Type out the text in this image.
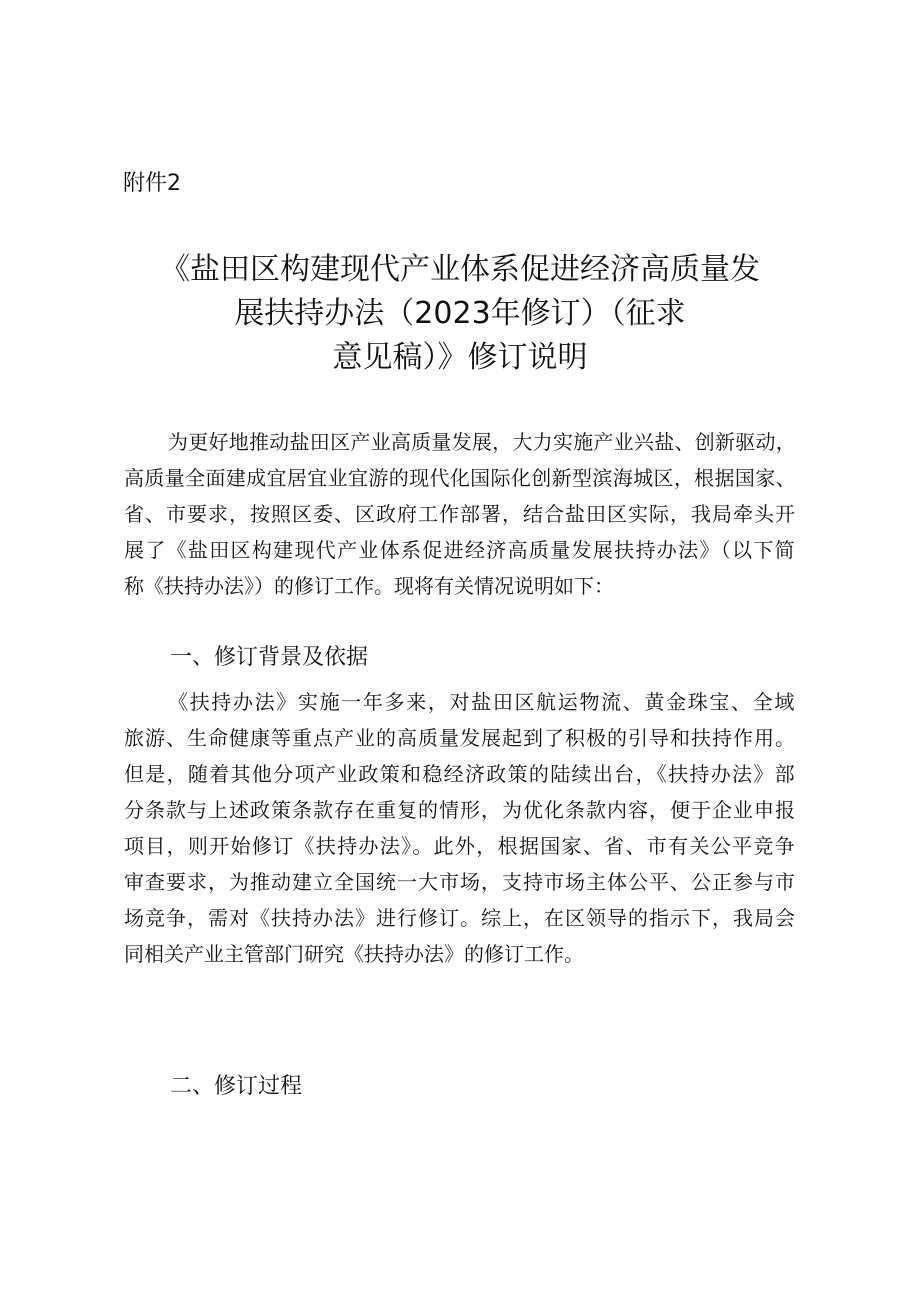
附件2
《盐田区构建现代产业体系促进经济高质量发
展扶持办法（2023年修订）（征求
意见稿）》修订说明
为更好地推动盐田区产业高质量发展，大力实施产业兴盐、创新驱动，
高质量全面建成宜居宜业宜游的现代化国际化创新型滨海城区，根据国家、
省、市要求，按照区委、区政府工作部署，结合盐田区实际，我局牵头开
展了《盐田区构建现代产业体系促进经济高质量发展扶持办法》（以下简
称《扶持办法》）的修订工作。现将有关情况说明如下：
一、修订背景及依据
《扶持办法》实施一年多来，对盐田区航运物流、黄金珠宝、全域
旅游、生命健康等重点产业的高质量发展起到了积极的引导和扶持作用。
但是，随着其他分项产业政策和稳经济政策的陆续出台，《扶持办法》部
分条款与上述政策条款存在重复的情形，为优化条款内容，便于企业申报
项目，则开始修订《扶持办法》。此外，根据国家、省、市有关公平竞争
审查要求，为推动建立全国统一大市场，支持市场主体公平、公正参与市
场竞争，需对《扶持办法》进行修订。综上，在区领导的指示下，我局会
同相关产业主管部门研究《扶持办法》的修订工作。
二、修订过程
